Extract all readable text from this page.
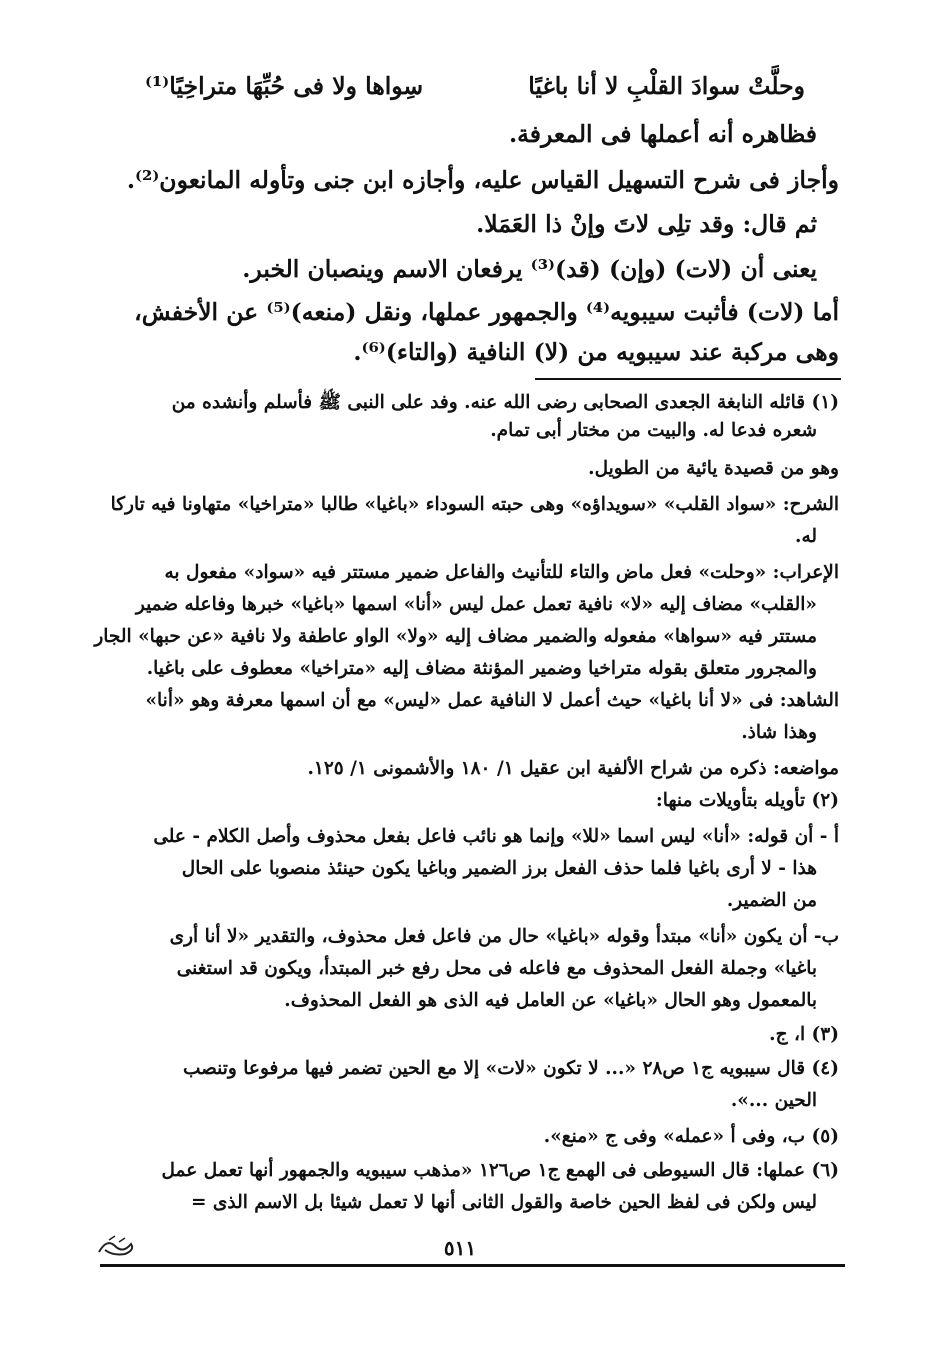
وحلَّتْ سوادَ القلْبِ لا أنا باغيًا
سِواها ولا فى حُبِّهَا متراخِيًا⁽¹⁾
فظاهره أنه أعملها فى المعرفة.
وأجاز فى شرح التسهيل القياس عليه، وأجازه ابن جنى وتأوله المانعون⁽²⁾.
ثم قال: وقد تلِى لاتَ وإنْ ذا العَمَلا.
يعنى أن (لات) (وإن) (قد)⁽³⁾ يرفعان الاسم وينصبان الخبر.
أما (لات) فأثبت سيبويه⁽⁴⁾ والجمهور عملها، ونقل (منعه)⁽⁵⁾ عن الأخفش،
وهى مركبة عند سيبويه من (لا) النافية (والتاء)⁽⁶⁾.
(١) قائله النابغة الجعدى الصحابى رضى الله عنه. وفد على النبى ﷺ فأسلم وأنشده من
شعره فدعا له. والبيت من مختار أبى تمام.
وهو من قصيدة يائية من الطويل.
الشرح: «سواد القلب» «سويداؤه» وهى حبته السوداء «باغيا» طالبا «متراخيا» متهاونا فيه تاركا
له.
الإعراب: «وحلت» فعل ماض والتاء للتأنيث والفاعل ضمير مستتر فيه «سواد» مفعول به
«القلب» مضاف إليه «لا» نافية تعمل عمل ليس «أنا» اسمها «باغيا» خبرها وفاعله ضمير
مستتر فيه «سواها» مفعوله والضمير مضاف إليه «ولا» الواو عاطفة ولا نافية «عن حبها» الجار
والمجرور متعلق بقوله متراخيا وضمير المؤنثة مضاف إليه «متراخيا» معطوف على باغيا.
الشاهد: فى «لا أنا باغيا» حيث أعمل لا النافية عمل «ليس» مع أن اسمها معرفة وهو «أنا»
وهذا شاذ.
مواضعه: ذكره من شراح الألفية ابن عقيل ١/ ١٨٠ والأشمونى ١/ ١٢٥.
(٢) تأويله بتأويلات منها:
أ - أن قوله: «أنا» ليس اسما «للا» وإنما هو نائب فاعل بفعل محذوف وأصل الكلام - على
هذا - لا أرى باغيا فلما حذف الفعل برز الضمير وباغيا يكون حينئذ منصوبا على الحال
من الضمير.
ب- أن يكون «أنا» مبتدأ وقوله «باغيا» حال من فاعل فعل محذوف، والتقدير «لا أنا أرى
باغيا» وجملة الفعل المحذوف مع فاعله فى محل رفع خبر المبتدأ، ويكون قد استغنى
بالمعمول وهو الحال «باغيا» عن العامل فيه الذى هو الفعل المحذوف.
(٣) ا، ج.
(٤) قال سيبويه ج١ ص٢٨ «... لا تكون «لات» إلا مع الحين تضمر فيها مرفوعا وتنصب
الحين ...».
(٥) ب، وفى أ «عمله» وفى ج «منع».
(٦) عملها: قال السيوطى فى الهمع ج١ ص١٢٦ «مذهب سيبويه والجمهور أنها تعمل عمل
ليس ولكن فى لفظ الحين خاصة والقول الثانى أنها لا تعمل شيئا بل الاسم الذى =
٥١١
